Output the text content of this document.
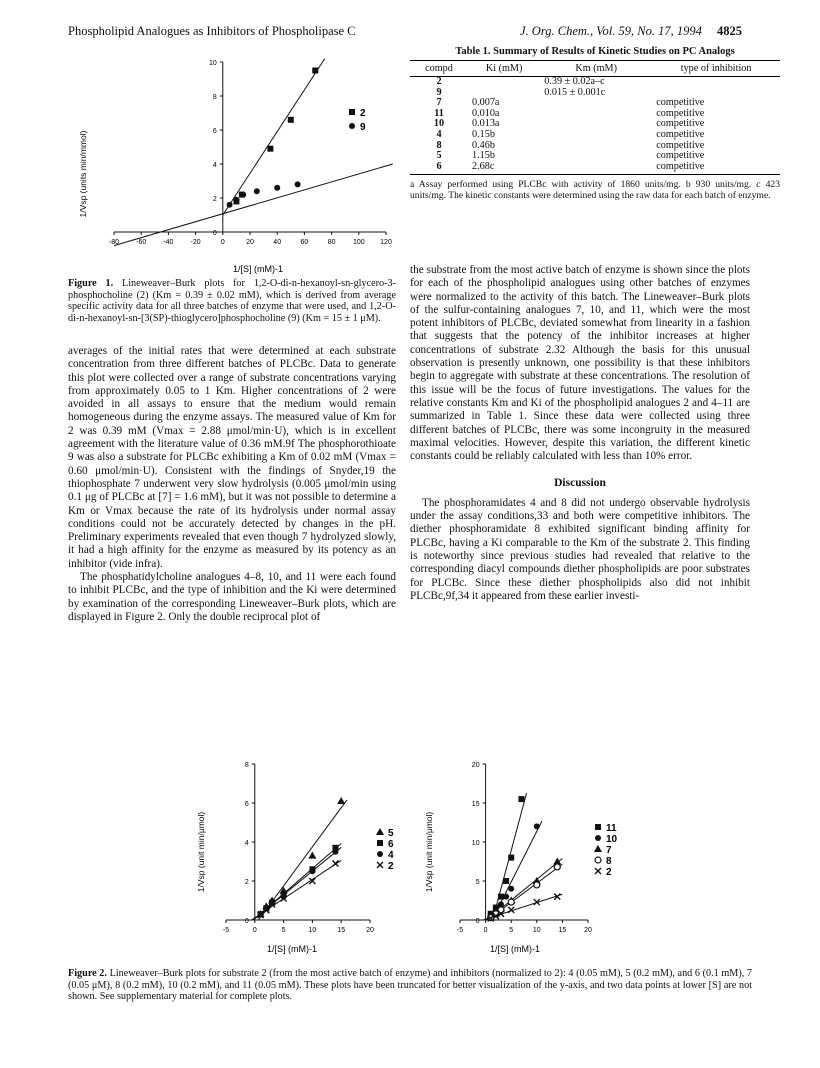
Phospholipid Analogues as Inhibitors of Phospholipase C	J. Org. Chem., Vol. 59, No. 17, 1994 4825
1/Vsp (units min/mmol)
1/[S] (mM)-1
-80 -60 -40 -20	0	20	40	60	80 100 120
2
4
6
8
10
0
2
9
Figure 1. Lineweaver–Burk plots for 1,2-O-di-n-hexanoyl-sn-glycero-3-phosphocholine (2) (Km = 0.39 ± 0.02 mM), which is derived from average specific activity data for all three batches of enzyme that were used, and 1,2-O-di-n-hexanoyl-sn-[3(SP)-thioglycero]phosphocholine (9) (Km = 15 ± 1 μM).

averages of the initial rates that were determined at each substrate concentration from three different batches of PLCBc. Data to generate this plot were collected over a range of substrate concentrations varying from approximately 0.05 to 1 Km. Higher concentrations of 2 were avoided in all assays to ensure that the medium would remain homogeneous during the enzyme assays. The measured value of Km for 2 was 0.39 mM (Vmax = 2.88 μmol/min·U), which is in excellent agreement with the literature value of 0.36 mM.9f The phosphorothioate 9 was also a substrate for PLCBc exhibiting a Km of 0.02 mM (Vmax = 0.60 μmol/min·U). Consistent with the findings of Snyder,19 the thiophosphate 7 underwent very slow hydrolysis (0.005 μmol/min using 0.1 μg of PLCBc at [7] = 1.6 mM), but it was not possible to determine a Km or Vmax because the rate of its hydrolysis under normal assay conditions could not be accurately detected by changes in the pH. Preliminary experiments revealed that even though 7 hydrolyzed slowly, it had a high affinity for the enzyme as measured by its potency as an inhibitor (vide infra).

The phosphatidylcholine analogues 4–8, 10, and 11 were each found to inhibit PLCBc, and the type of inhibition and the Ki were determined by examination of the corresponding Lineweaver–Burk plots, which are displayed in Figure 2. Only the double reciprocal plot of

Table 1. Summary of Results of Kinetic Studies on PC Analogs
compd	Ki (mM)	Km (mM)	type of inhibition
2		0.39 ± 0.02a–c	
9		0.015 ± 0.001c	
7	0.007a		competitive
11	0.010a		competitive
10	0.013a		competitive
4	0.15b		competitive
8	0.46b		competitive
5	1.15b		competitive
6	2.68c		competitive
a Assay performed using PLCBc with activity of 1860 units/mg. b 930 units/mg. c 423 units/mg. The kinetic constants were determined using the raw data for each batch of enzyme.

the substrate from the most active batch of enzyme is shown since the plots for each of the phospholipid analogues using other batches of enzymes were normalized to the activity of this batch. The Lineweaver–Burk plots of the sulfur-containing analogues 7, 10, and 11, which were the most potent inhibitors of PLCBc, deviated somewhat from linearity in a fashion that suggests that the potency of the inhibitor increases at higher concentrations of substrate 2.32 Although the basis for this unusual observation is presently unknown, one possibility is that these inhibitors begin to aggregate with substrate at these concentrations. The resolution of this issue will be the focus of future investigations. The values for the relative constants Km and Ki of the phospholipid analogues 2 and 4–11 are summarized in Table 1. Since these data were collected using three different batches of PLCBc, there was some incongruity in the measured maximal velocities. However, despite this variation, the different kinetic constants could be reliably calculated with less than 10% error.

Discussion

The phosphoramidates 4 and 8 did not undergo observable hydrolysis under the assay conditions,33 and both were competitive inhibitors. The diether phosphoramidate 8 exhibited significant binding affinity for PLCBc, having a Ki comparable to the Km of the substrate 2. This finding is noteworthy since previous studies had revealed that relative to the corresponding diacyl compounds diether phospholipids are poor substrates for PLCBc. Since these diether phospholipids also did not inhibit PLCBc,9f,34 it appeared from these earlier investi-

1/Vsp (unit min/μmol)
1/[S] (mM)-1
-5	0	5	10	15	20
2
4
6
8
0
5
6
4
2	1/Vsp (unit min/μmol)
1/[S] (mM)-1
-5	0	5	10	15	20
5
10
15
20
0
11
10
7
8
2
Figure 2. Lineweaver–Burk plots for substrate 2 (from the most active batch of enzyme) and inhibitors (normalized to 2): 4 (0.05 mM), 5 (0.2 mM), and 6 (0.1 mM), 7 (0.05 μM), 8 (0.2 mM), 10 (0.2 mM), and 11 (0.05 mM). These plots have been truncated for better visualization of the y-axis, and two data points at lower [S] are not shown. See supplementary material for complete plots.
